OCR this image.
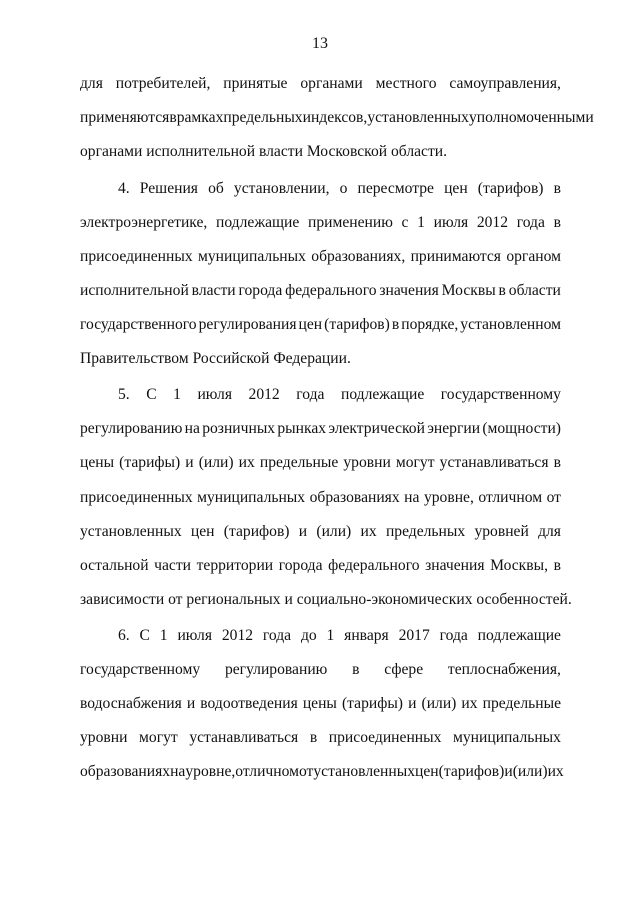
13
для потребителей, принятые органами местного самоуправления,
применяются в рамках предельных индексов, установленных уполномоченными
органами исполнительной власти Московской области.
4. Решения об установлении, о пересмотре цен (тарифов) в
электроэнергетике, подлежащие применению с 1 июля 2012 года в
присоединенных муниципальных образованиях, принимаются органом
исполнительной власти города федерального значения Москвы в области
государственного регулирования цен (тарифов) в порядке, установленном
Правительством Российской Федерации.
5. С 1 июля 2012 года подлежащие государственному
регулированию на розничных рынках электрической энергии (мощности)
цены (тарифы) и (или) их предельные уровни могут устанавливаться в
присоединенных муниципальных образованиях на уровне, отличном от
установленных цен (тарифов) и (или) их предельных уровней для
остальной части территории города федерального значения Москвы, в
зависимости от региональных и социально-экономических особенностей.
6. С 1 июля 2012 года до 1 января 2017 года подлежащие
государственному регулированию в сфере теплоснабжения,
водоснабжения и водоотведения цены (тарифы) и (или) их предельные
уровни могут устанавливаться в присоединенных муниципальных
образованиях на уровне, отличном от установленных цен (тарифов) и (или) их
